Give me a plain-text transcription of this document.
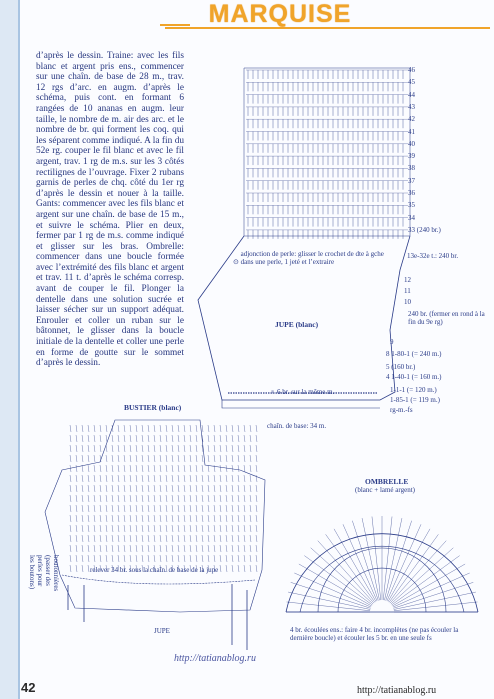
MARQUISE

d’après le dessin. Traine: avec les fils blanc et argent pris ens., commencer sur une chaîn. de base de 28 m., trav. 12 rgs d’arc. en augm. d’après le schéma, puis cont. en formant 6 rangées de 10 ananas en augm. leur taille, le nombre de m. air des arc. et le nombre de br. qui forment les coq. qui les séparent comme indiqué. A la fin du 52e rg. couper le fil blanc et avec le fil argent, trav. 1 rg de m.s. sur les 3 côtés rectilignes de l’ouvrage. Fixer 2 rubans garnis de perles de chq. côté du 1er rg d’après le dessin et nouer à la taille. Gants: commencer avec les fils blanc et argent sur une chaîn. de base de 15 m., et suivre le schéma. Plier en deux, fermer par 1 rg de m.s. comme indiqué et glisser sur les bras. Ombrelle: commencer dans une boucle formée avec l’extrémité des fils blanc et argent et trav. 11 t. d’après le schéma corresp. avant de couper le fil. Plonger la dentelle dans une solution sucrée et laisser sécher sur un support adéquat. Enrouler et coller un ruban sur le bâtonnet, le glisser dans la boucle initiale de la dentelle et coller une perle en forme de goutte sur le sommet d’après le dessin.

46
45
44
43
42
41
40
39
38
37
36
35
34
33 (240 br.)
⊙ adjonction de perle: glisser le crochet de dte à gche dans une perle, 1 jeté et l’extraire
13e-32e t.: 240 br.
12
11
10
240 br. (fermer en rond à la fin du 9e rg)
9
JUPE (blanc)
8 1-80-1 (= 240 m.)
5 (160 br.)
4 1-40-1 (= 160 m.)
1-1-1 (= 120 m.)
1-85-1 (= 119 m.)
rg-m.-fs
♀ 6 br. sur la même m.
chaîn. de base: 34 m.
BUSTIER (blanc)
relever 34 br. sous la chaîn. de base de la jupe
boutonnières (passer des perles pour les boutons)
JUPE
OMBRELLE
(blanc + lamé argent)
4 br. écoulées ens.: faire 4 br. incomplètes (ne pas écouler la dernière boucle) et écouler les 5 br. en une seule fs
42
http://tatianablog.ru
http://tatianablog.ru
